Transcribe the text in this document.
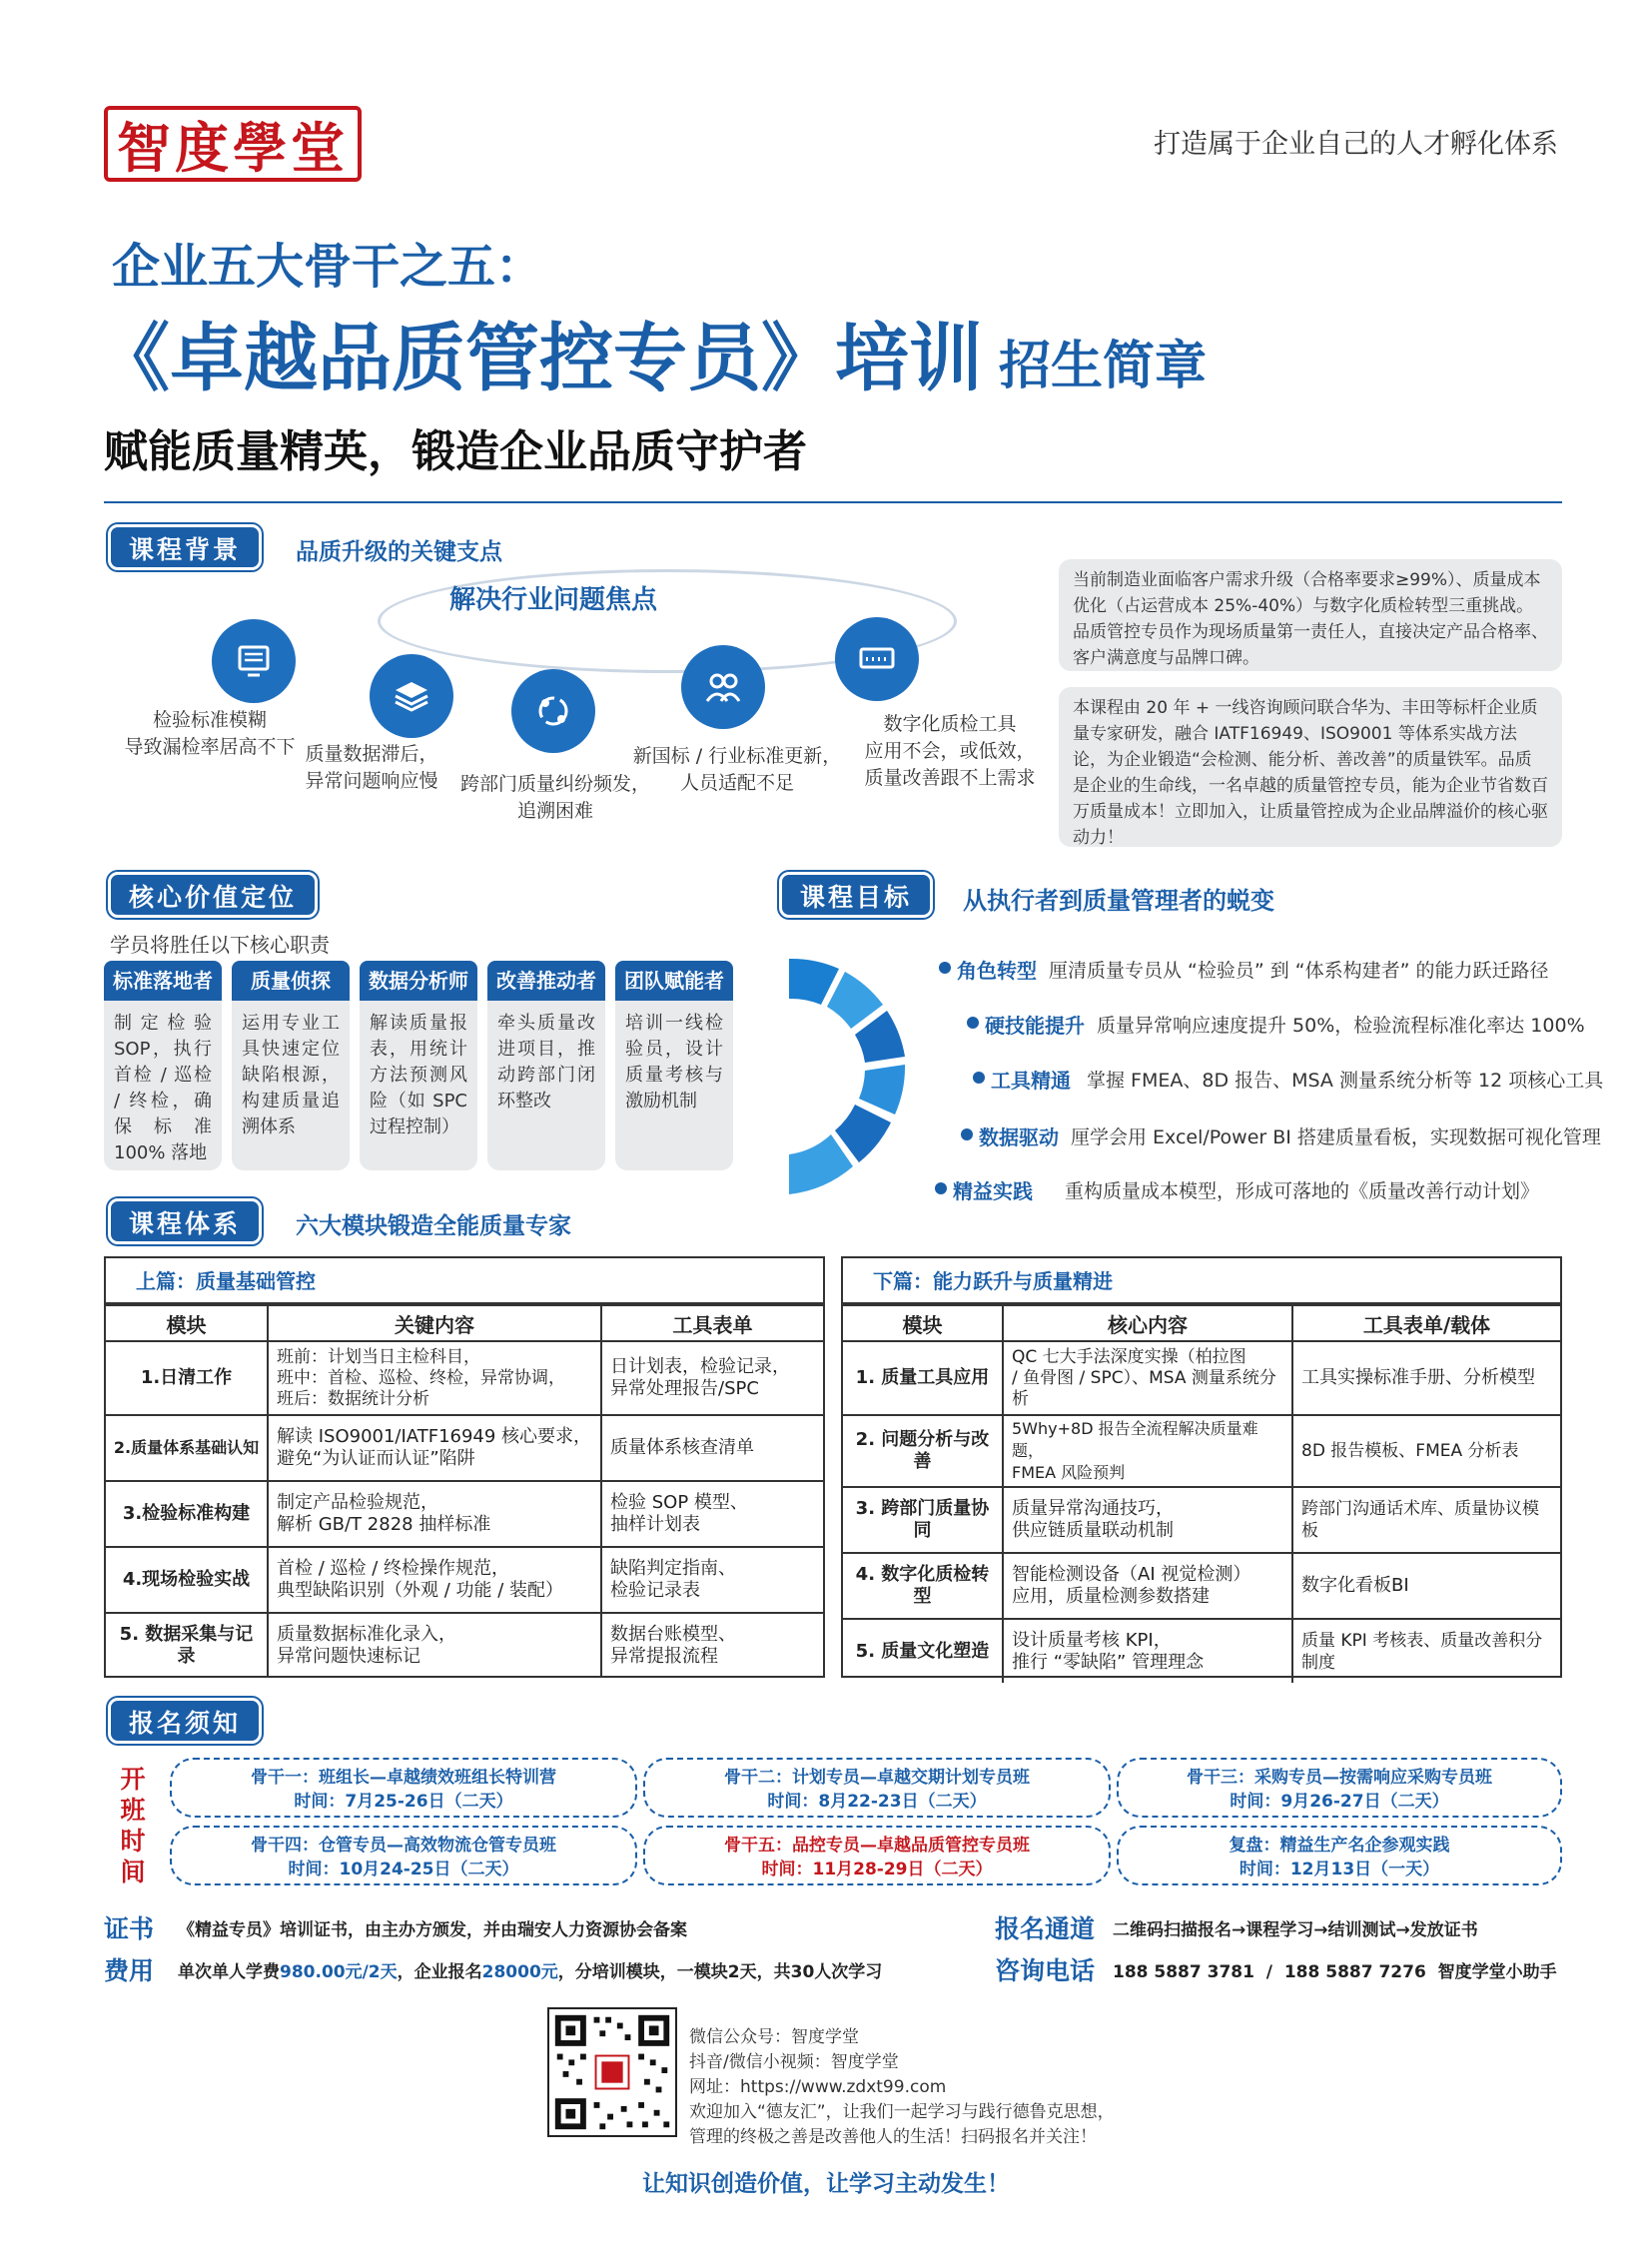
智度學堂	打造属于企业自己的人才孵化体系
企业五大骨干之五：
《卓越品质管控专员》培训 招生简章
赋能质量精英，锻造企业品质守护者
课程背景	品质升级的关键支点
解决行业问题焦点
检验标准模糊
导致漏检率居高不下 质量数据滞后，
异常问题响应慢	跨部门质量纠纷频发，
追溯困难
新国标 / 行业标准更新，
人员适配不足
数字化质检工具
应用不会，或低效，
质量改善跟不上需求
当前制造业面临客户需求升级（合格率要求≥99%）、质量成本优化（占运营成本 25%-40%）与数字化质检转型三重挑战。品质管控专员作为现场质量第一责任人，直接决定产品合格率、客户满意度与品牌口碑。
本课程由 20 年 + 一线咨询顾问联合华为、丰田等标杆企业质量专家研发，融合 IATF16949、ISO9001 等体系实战方法论，为企业锻造“会检测、能分析、善改善”的质量铁军。品质是企业的生命线，一名卓越的质量管控专员，能为企业节省数百万质量成本！立即加入，让质量管控成为企业品牌溢价的核心驱动力！
核心价值定位
学员将胜任以下核心职责
标准落地者
制定检验SOP，执行首检 / 巡检 / 终检，确保标准 100% 落地
质量侦探
运用专业工具快速定位缺陷根源，构建质量追溯体系
数据分析师
解读质量报表，用统计方法预测风险（如 SPC 过程控制）
改善推动者
牵头质量改进项目，推动跨部门闭环整改
团队赋能者
培训一线检验员，设计质量考核与激励机制
课程目标	从执行者到质量管理者的蜕变
角色转型 厘清质量专员从 “检验员” 到 “体系构建者” 的能力跃迁路径
硬技能提升 质量异常响应速度提升 50%，检验流程标准化率达 100%
工具精通 掌握 FMEA、8D 报告、MSA 测量系统分析等 12 项核心工具
数据驱动 厘学会用 Excel/Power BI 搭建质量看板，实现数据可视化管理
精益实践 重构质量成本模型，形成可落地的《质量改善行动计划》
课程体系	六大模块锻造全能质量专家
上篇：质量基础管控
模块	关键内容	工具表单
1.日清工作	班前：计划当日主检科目，
班中：首检、巡检、终检，异常协调，
班后：数据统计分析	日计划表，检验记录，
异常处理报告/SPC
2.质量体系基础认知	解读 ISO9001/IATF16949 核心要求，
避免“为认证而认证”陷阱	质量体系核查清单
3.检验标准构建	制定产品检验规范，
解析 GB/T 2828 抽样标准	检验 SOP 模型、
抽样计划表
4.现场检验实战	首检 / 巡检 / 终检操作规范，
典型缺陷识别（外观 / 功能 / 装配）	缺陷判定指南、
检验记录表
5. 数据采集与记录	质量数据标准化录入，
异常问题快速标记	数据台账模型、
异常提报流程
下篇：能力跃升与质量精进
模块	核心内容	工具表单/载体
1. 质量工具应用	QC 七大手法深度实操（柏拉图
/ 鱼骨图 / SPC）、MSA 测量系统分析	工具实操标准手册、分析模型
2. 问题分析与改善	5Why+8D 报告全流程解决质量难题，
FMEA 风险预判	8D 报告模板、FMEA 分析表
3. 跨部门质量协同	质量异常沟通技巧，
供应链质量联动机制	跨部门沟通话术库、质量协议模板
4. 数字化质检转型	智能检测设备（AI 视觉检测）
应用，质量检测参数搭建	数字化看板BI
5. 质量文化塑造	设计质量考核 KPI，
推行 “零缺陷” 管理理念	质量 KPI 考核表、质量改善积分制度
报名须知
开班时间
骨干一：班组长—卓越绩效班组长特训营
时间：7月25-26日（二天）
骨干二：计划专员—卓越交期计划专员班
时间：8月22-23日（二天）
骨干三：采购专员—按需响应采购专员班
时间：9月26-27日（二天）
骨干四：仓管专员—高效物流仓管专员班
时间：10月24-25日（二天）
骨干五：品控专员—卓越品质管控专员班
时间：11月28-29日（二天）
复盘：精益生产名企参观实践
时间：12月13日（一天）
证书 《精益专员》培训证书，由主办方颁发，并由瑞安人力资源协会备案
费用 单次单人学费980.00元/2天，企业报名28000元，分培训模块，一模块2天，共30人次学习
报名通道 二维码扫描报名→课程学习→结训测试→发放证书
咨询电话 188 5887 3781  /  188 5887 7276  智度学堂小助手
微信公众号：智度学堂
抖音/微信小视频：智度学堂
网址：https://www.zdxt99.com
欢迎加入“德友汇”，让我们一起学习与践行德鲁克思想，
管理的终极之善是改善他人的生活！扫码报名并关注！
让知识创造价值，让学习主动发生！
